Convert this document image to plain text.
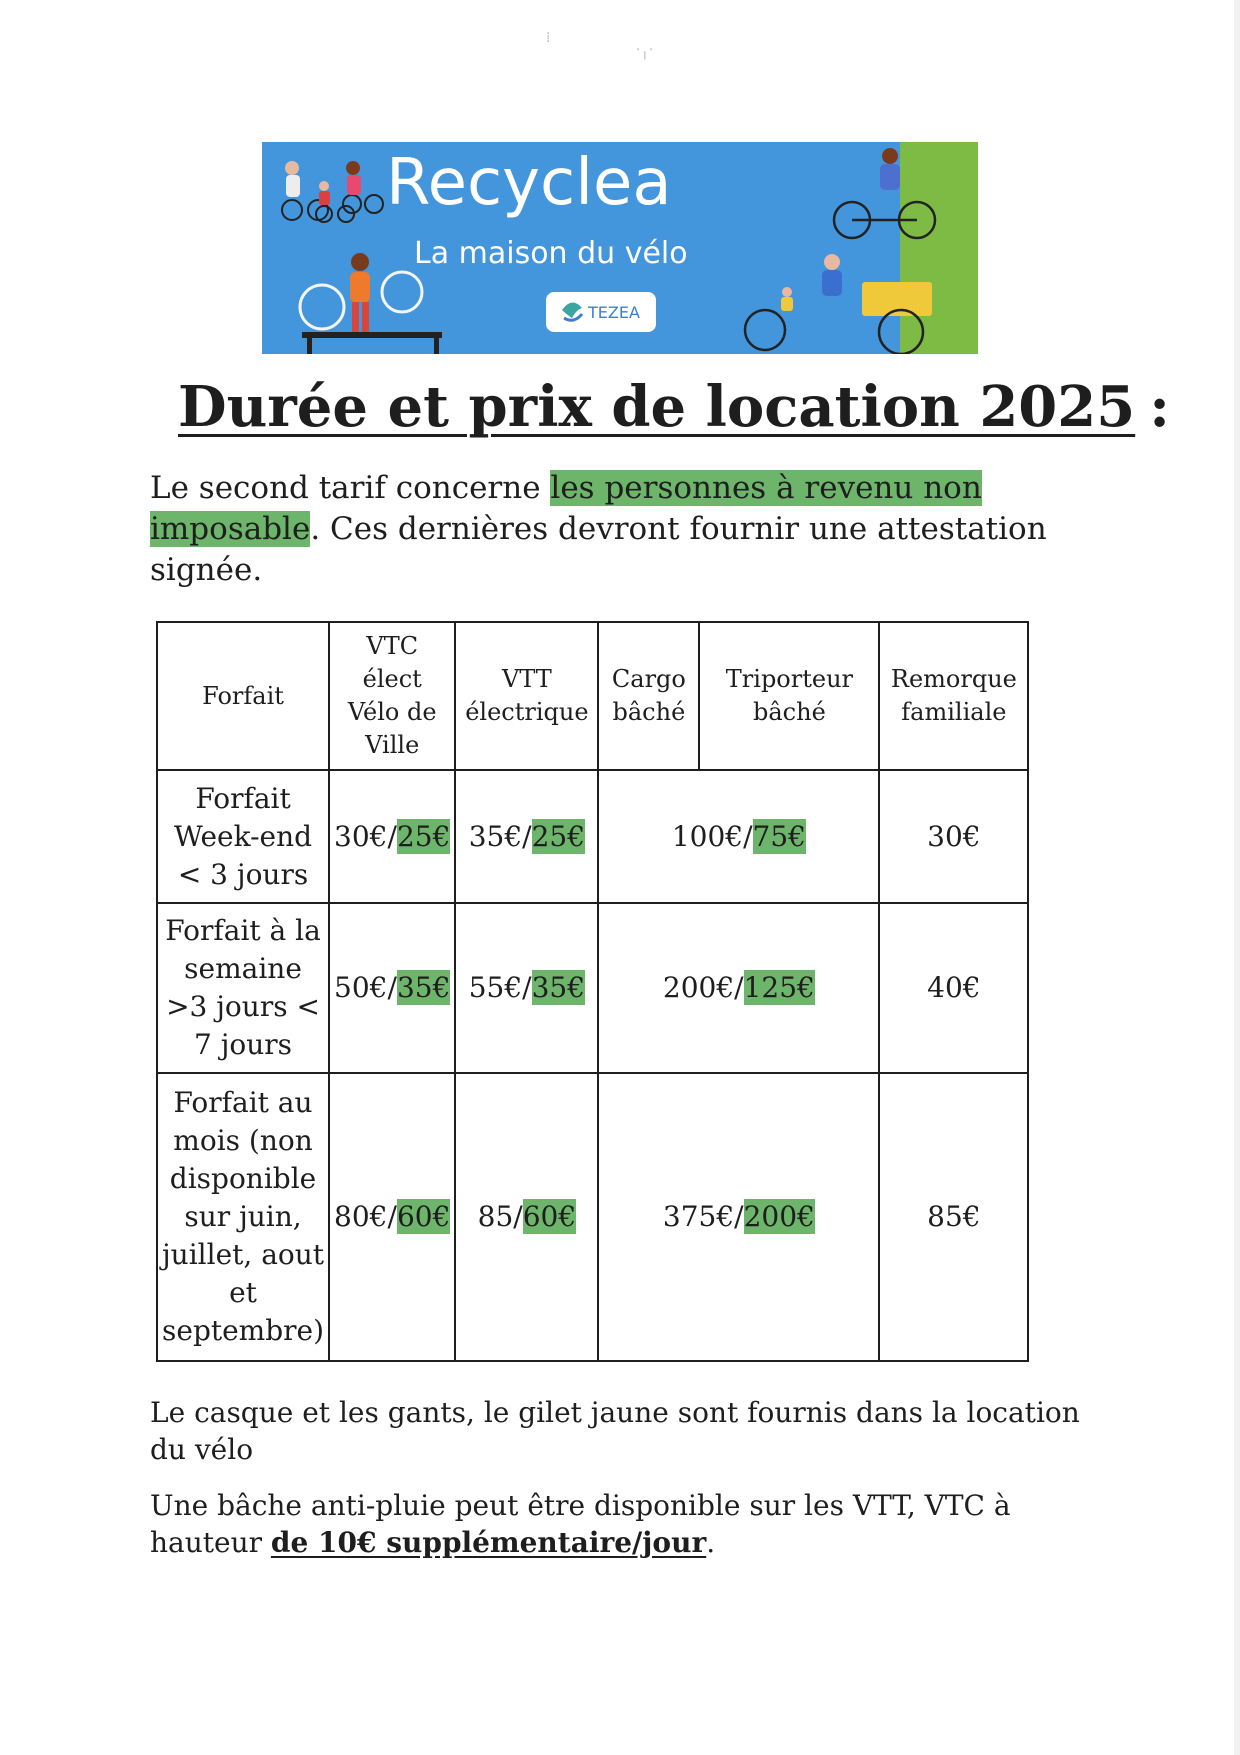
⁞
ˑ╷ˑ
Recyclea
La maison du vélo
TEZEA
Durée et prix de location 2025 :
Le second tarif concerne les personnes à revenu non imposable. Ces dernières devront fournir une attestation signée.
Forfait	VTC élect Vélo de Ville	VTT électrique	Cargo bâché	Triporteur bâché	Remorque familiale
Forfait Week-end < 3 jours	30€/25€	35€/25€	100€/75€		30€
Forfait à la semaine >3 jours < 7 jours	50€/35€	55€/35€	200€/125€		40€
Forfait au mois (non disponible sur juin, juillet, aout et septembre)	80€/60€	85/60€	375€/200€		85€
Le casque et les gants, le gilet jaune sont fournis dans la location du vélo
Une bâche anti-pluie peut être disponible sur les VTT, VTC à hauteur de 10€ supplémentaire/jour.
